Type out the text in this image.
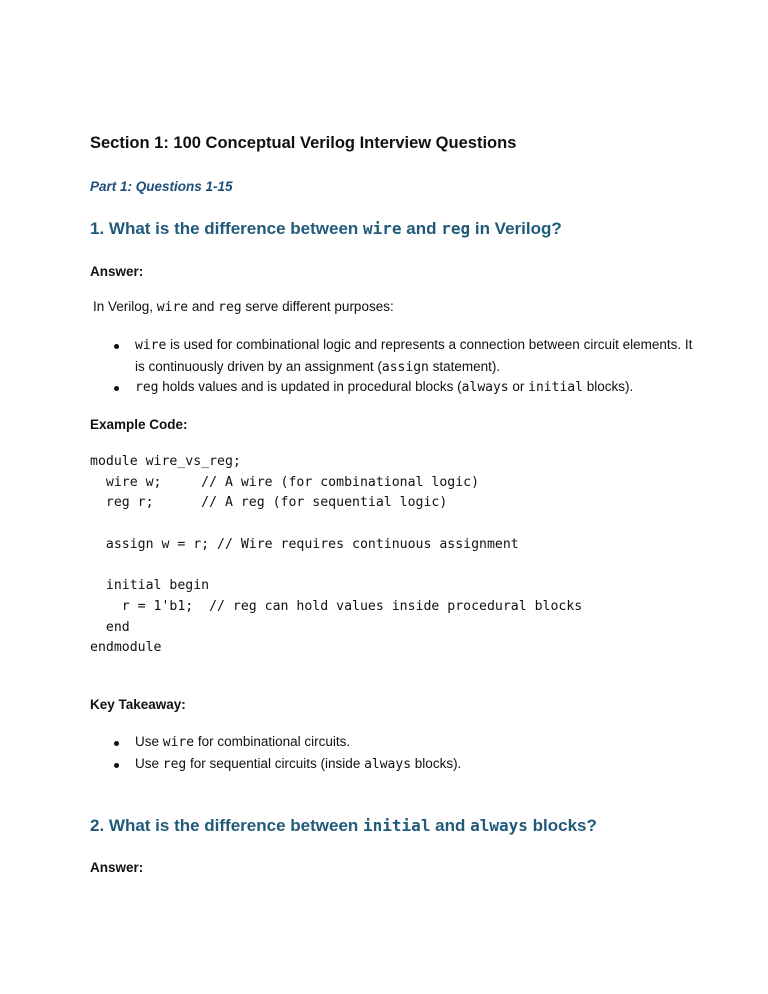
Section 1: 100 Conceptual Verilog Interview Questions
Part 1: Questions 1-15
1. What is the difference between wire and reg in Verilog?
Answer:
In Verilog, wire and reg serve different purposes:
wire is used for combinational logic and represents a connection between circuit elements. It is continuously driven by an assignment (assign statement).
reg holds values and is updated in procedural blocks (always or initial blocks).
Example Code:
module wire_vs_reg;
wire w;     // A wire (for combinational logic)
reg r;      // A reg (for sequential logic)

assign w = r; // Wire requires continuous assignment

initial begin
r = 1'b1;  // reg can hold values inside procedural blocks
end
endmodule
Key Takeaway:
Use wire for combinational circuits.
Use reg for sequential circuits (inside always blocks).
2. What is the difference between initial and always blocks?
Answer:
